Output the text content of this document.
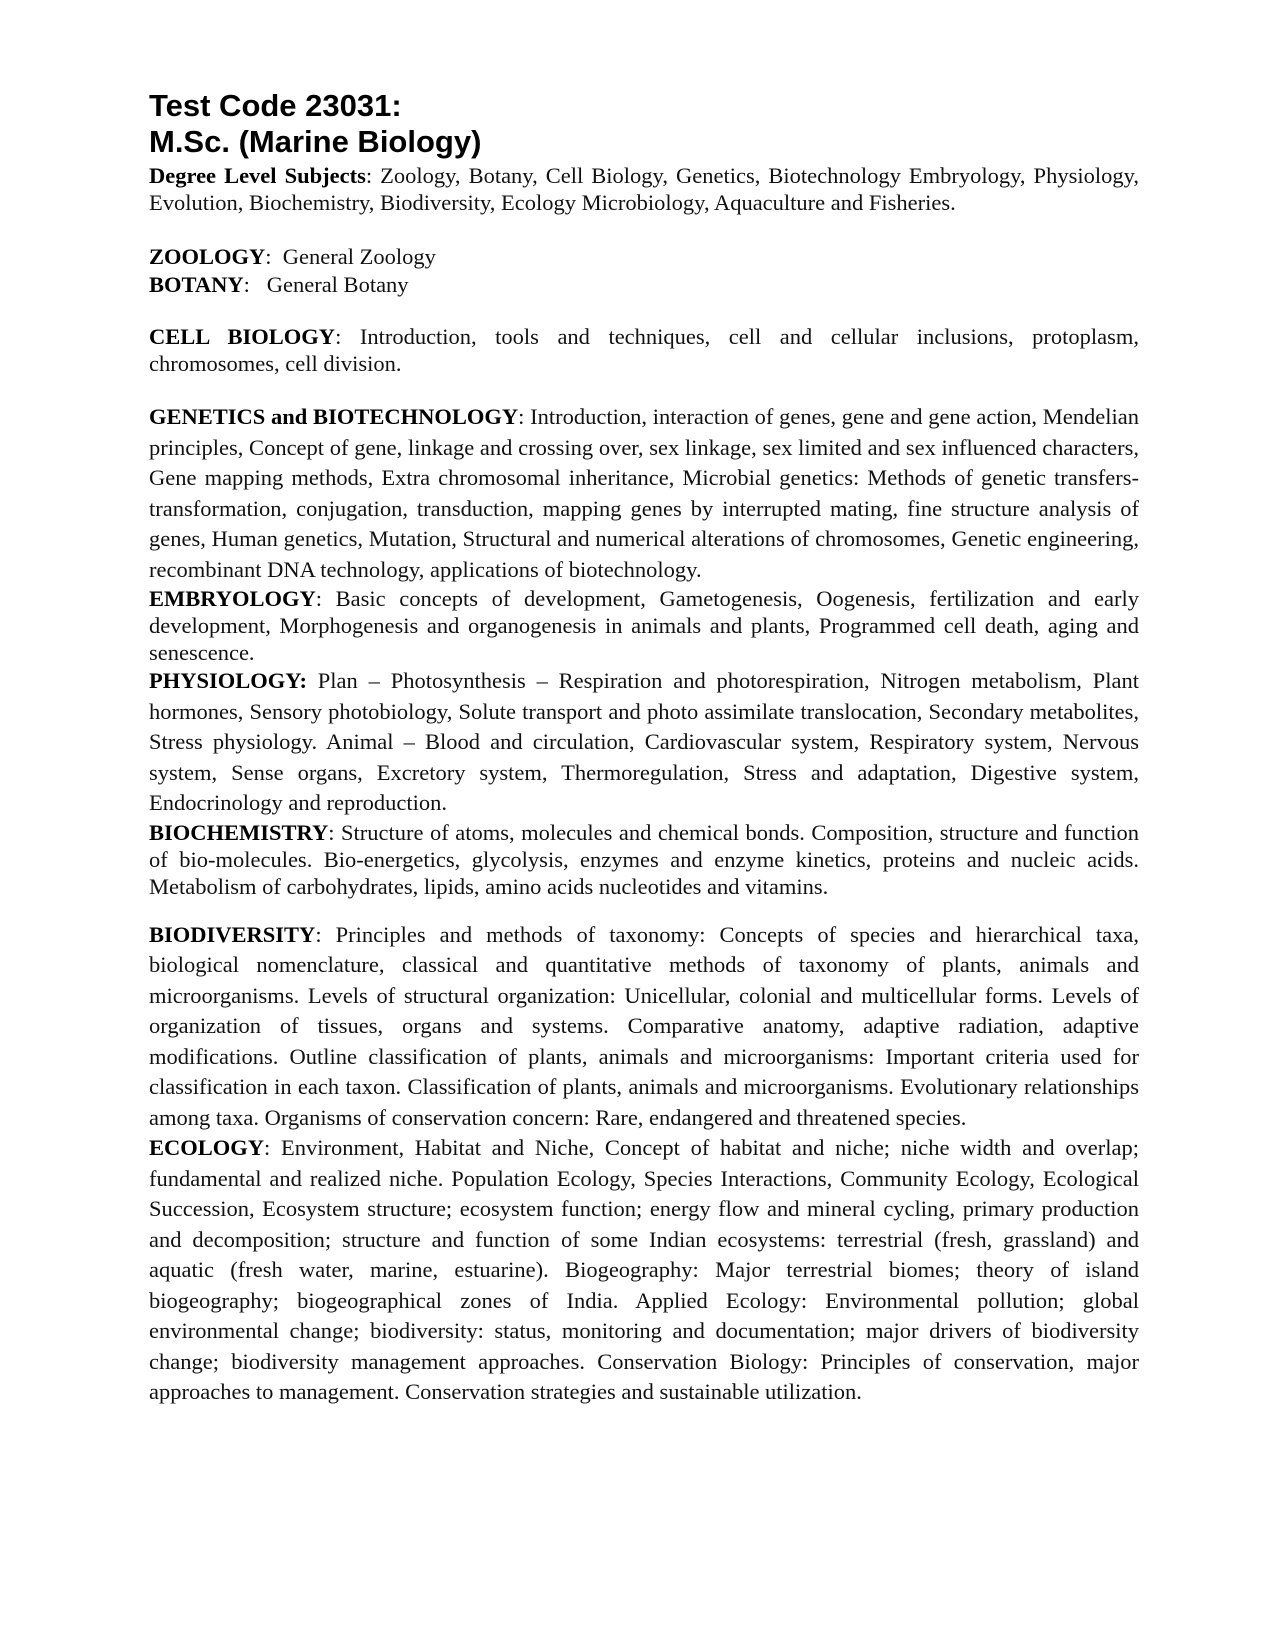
Test Code 23031:
M.Sc. (Marine Biology)

Degree Level Subjects: Zoology, Botany, Cell Biology, Genetics, Biotechnology Embryology, Physiology, Evolution, Biochemistry, Biodiversity, Ecology Microbiology, Aquaculture and Fisheries.

ZOOLOGY:  General Zoology

BOTANY:   General Botany

CELL BIOLOGY: Introduction, tools and techniques, cell and cellular inclusions, protoplasm, chromosomes, cell division.

GENETICS and BIOTECHNOLOGY: Introduction, interaction of genes, gene and gene action, Mendelian principles, Concept of gene, linkage and crossing over, sex linkage, sex limited and sex influenced characters, Gene mapping methods, Extra chromosomal inheritance, Microbial genetics: Methods of genetic transfers-transformation, conjugation, transduction, mapping genes by interrupted mating, fine structure analysis of genes, Human genetics, Mutation, Structural and numerical alterations of chromosomes, Genetic engineering, recombinant DNA technology, applications of biotechnology.

EMBRYOLOGY: Basic concepts of development, Gametogenesis, Oogenesis, fertilization and early development, Morphogenesis and organogenesis in animals and plants, Programmed cell death, aging and senescence.

PHYSIOLOGY: Plan – Photosynthesis – Respiration and photorespiration, Nitrogen metabolism, Plant hormones, Sensory photobiology, Solute transport and photo assimilate translocation, Secondary metabolites, Stress physiology. Animal – Blood and circulation, Cardiovascular system, Respiratory system, Nervous system, Sense organs, Excretory system, Thermoregulation, Stress and adaptation, Digestive system, Endocrinology and reproduction.

BIOCHEMISTRY: Structure of atoms, molecules and chemical bonds. Composition, structure and function of bio-molecules. Bio-energetics, glycolysis, enzymes and enzyme kinetics, proteins and nucleic acids. Metabolism of carbohydrates, lipids, amino acids nucleotides and vitamins.

BIODIVERSITY: Principles and methods of taxonomy: Concepts of species and hierarchical taxa, biological nomenclature, classical and quantitative methods of taxonomy of plants, animals and microorganisms. Levels of structural organization: Unicellular, colonial and multicellular forms. Levels of organization of tissues, organs and systems. Comparative anatomy, adaptive radiation, adaptive modifications. Outline classification of plants, animals and microorganisms: Important criteria used for classification in each taxon. Classification of plants, animals and microorganisms. Evolutionary relationships among taxa. Organisms of conservation concern: Rare, endangered and threatened species.

ECOLOGY: Environment, Habitat and Niche, Concept of habitat and niche; niche width and overlap; fundamental and realized niche. Population Ecology, Species Interactions, Community Ecology, Ecological Succession, Ecosystem structure; ecosystem function; energy flow and mineral cycling, primary production and decomposition; structure and function of some Indian ecosystems: terrestrial (fresh, grassland) and aquatic (fresh water, marine, estuarine). Biogeography: Major terrestrial biomes; theory of island biogeography; biogeographical zones of India. Applied Ecology: Environmental pollution; global environmental change; biodiversity: status, monitoring and documentation; major drivers of biodiversity change; biodiversity management approaches. Conservation Biology: Principles of conservation, major approaches to management. Conservation strategies and sustainable utilization.
